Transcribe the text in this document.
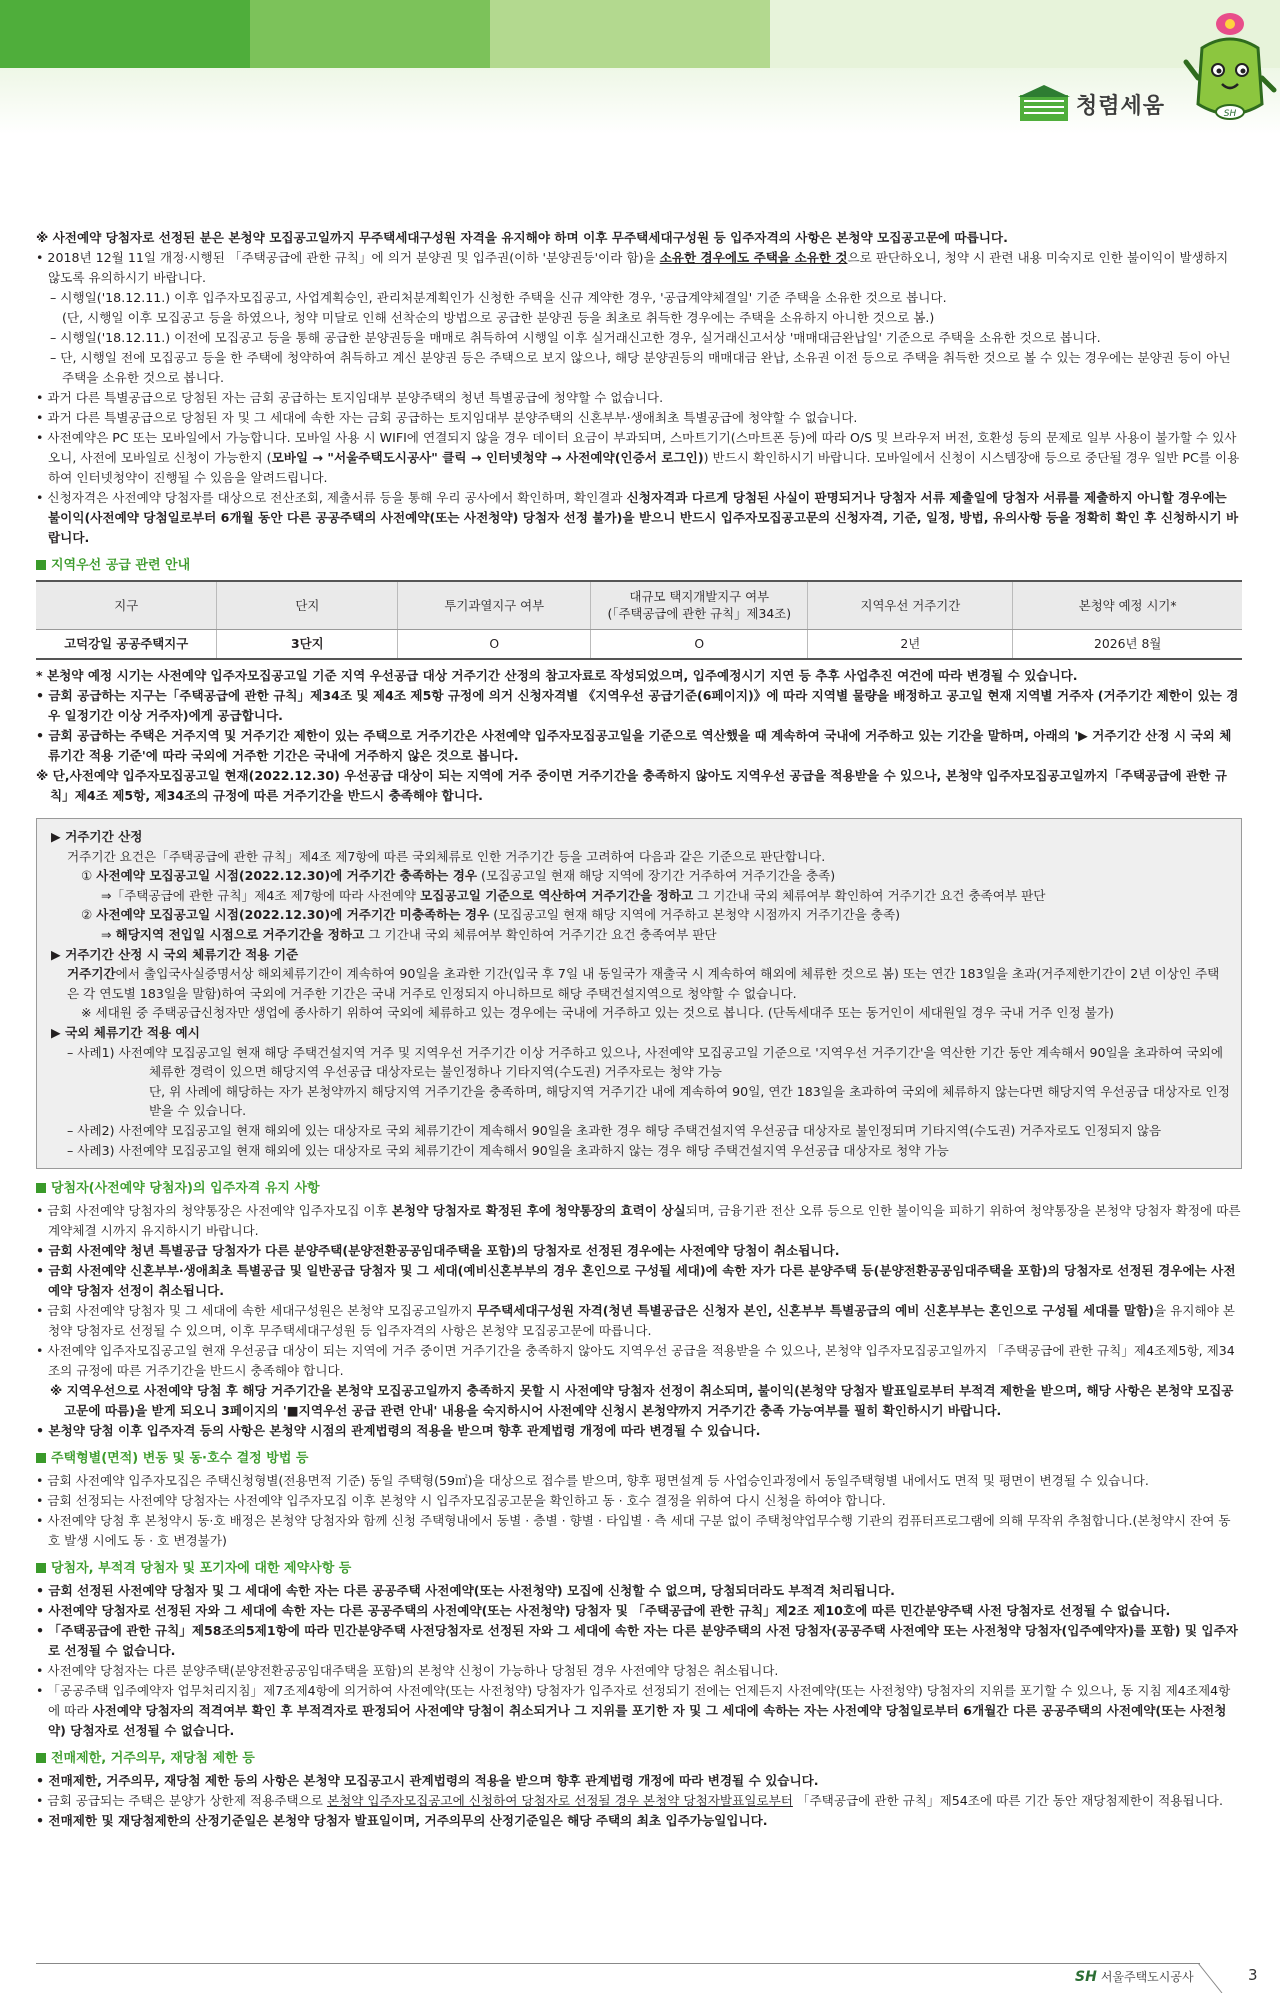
청렴세움	SH

※ 사전예약 당첨자로 선정된 분은 본청약 모집공고일까지 무주택세대구성원 자격을 유지해야 하며 이후 무주택세대구성원 등 입주자격의 사항은 본청약 모집공고문에 따릅니다.

• 2018년 12월 11일 개정·시행된 「주택공급에 관한 규칙」에 의거 분양권 및 입주권(이하 '분양권등'이라 함)을 소유한 경우에도 주택을 소유한 것으로 판단하오니, 청약 시 관련 내용 미숙지로 인한 불이익이 발생하지 않도록 유의하시기 바랍니다.

– 시행일('18.12.11.) 이후 입주자모집공고, 사업계획승인, 관리처분계획인가 신청한 주택을 신규 계약한 경우, '공급계약체결일' 기준 주택을 소유한 것으로 봅니다.

(단, 시행일 이후 모집공고 등을 하였으나, 청약 미달로 인해 선착순의 방법으로 공급한 분양권 등을 최초로 취득한 경우에는 주택을 소유하지 아니한 것으로 봄.)

– 시행일('18.12.11.) 이전에 모집공고 등을 통해 공급한 분양권등을 매매로 취득하여 시행일 이후 실거래신고한 경우, 실거래신고서상 '매매대금완납일' 기준으로 주택을 소유한 것으로 봅니다.

– 단, 시행일 전에 모집공고 등을 한 주택에 청약하여 취득하고 계신 분양권 등은 주택으로 보지 않으나, 해당 분양권등의 매매대금 완납, 소유권 이전 등으로 주택을 취득한 것으로 볼 수 있는 경우에는 분양권 등이 아닌 주택을 소유한 것으로 봅니다.

• 과거 다른 특별공급으로 당첨된 자는 금회 공급하는 토지임대부 분양주택의 청년 특별공급에 청약할 수 없습니다.

• 과거 다른 특별공급으로 당첨된 자 및 그 세대에 속한 자는 금회 공급하는 토지임대부 분양주택의 신혼부부·생애최초 특별공급에 청약할 수 없습니다.

• 사전예약은 PC 또는 모바일에서 가능합니다. 모바일 사용 시 WIFI에 연결되지 않을 경우 데이터 요금이 부과되며, 스마트기기(스마트폰 등)에 따라 O/S 및 브라우저 버전, 호환성 등의 문제로 일부 사용이 불가할 수 있사오니, 사전에 모바일로 신청이 가능한지 (모바일 → "서울주택도시공사" 클릭 → 인터넷청약 → 사전예약(인증서 로그인)) 반드시 확인하시기 바랍니다. 모바일에서 신청이 시스템장애 등으로 중단될 경우 일반 PC를 이용하여 인터넷청약이 진행될 수 있음을 알려드립니다.

• 신청자격은 사전예약 당첨자를 대상으로 전산조회, 제출서류 등을 통해 우리 공사에서 확인하며, 확인결과 신청자격과 다르게 당첨된 사실이 판명되거나 당첨자 서류 제출일에 당첨자 서류를 제출하지 아니할 경우에는 불이익(사전예약 당첨일로부터 6개월 동안 다른 공공주택의 사전예약(또는 사전청약) 당첨자 선정 불가)을 받으니 반드시 입주자모집공고문의 신청자격, 기준, 일정, 방법, 유의사항 등을 정확히 확인 후 신청하시기 바랍니다.

지역우선 공급 관련 안내
지구	단지	투기과열지구 여부	대규모 택지개발지구 여부
(「주택공급에 관한 규칙」제34조)	지역우선 거주기간	본청약 예정 시기*
고덕강일 공공주택지구	3단지	O	O	2년	2026년 8월

* 본청약 예정 시기는 사전예약 입주자모집공고일 기준 지역 우선공급 대상 거주기간 산정의 참고자료로 작성되었으며, 입주예정시기 지연 등 추후 사업추진 여건에 따라 변경될 수 있습니다.

• 금회 공급하는 지구는「주택공급에 관한 규칙」제34조 및 제4조 제5항 규정에 의거 신청자격별 《지역우선 공급기준(6페이지)》에 따라 지역별 물량을 배정하고 공고일 현재 지역별 거주자 (거주기간 제한이 있는 경우 일정기간 이상 거주자)에게 공급합니다.

• 금회 공급하는 주택은 거주지역 및 거주기간 제한이 있는 주택으로 거주기간은 사전예약 입주자모집공고일을 기준으로 역산했을 때 계속하여 국내에 거주하고 있는 기간을 말하며, 아래의 '▶ 거주기간 산정 시 국외 체류기간 적용 기준'에 따라 국외에 거주한 기간은 국내에 거주하지 않은 것으로 봅니다.

※ 단,사전예약 입주자모집공고일 현재(2022.12.30) 우선공급 대상이 되는 지역에 거주 중이면 거주기간을 충족하지 않아도 지역우선 공급을 적용받을 수 있으나, 본청약 입주자모집공고일까지「주택공급에 관한 규칙」제4조 제5항, 제34조의 규정에 따른 거주기간을 반드시 충족해야 합니다.

▶ 거주기간 산정

거주기간 요건은「주택공급에 관한 규칙」제4조 제7항에 따른 국외체류로 인한 거주기간 등을 고려하여 다음과 같은 기준으로 판단합니다.

① 사전예약 모집공고일 시점(2022.12.30)에 거주기간 충족하는 경우 (모집공고일 현재 해당 지역에 장기간 거주하여 거주기간을 충족)

⇒「주택공급에 관한 규칙」제4조 제7항에 따라 사전예약 모집공고일 기준으로 역산하여 거주기간을 정하고 그 기간내 국외 체류여부 확인하여 거주기간 요건 충족여부 판단

② 사전예약 모집공고일 시점(2022.12.30)에 거주기간 미충족하는 경우 (모집공고일 현재 해당 지역에 거주하고 본청약 시점까지 거주기간을 충족)

⇒ 해당지역 전입일 시점으로 거주기간을 정하고 그 기간내 국외 체류여부 확인하여 거주기간 요건 충족여부 판단

▶ 거주기간 산정 시 국외 체류기간 적용 기준

거주기간에서 출입국사실증명서상 해외체류기간이 계속하여 90일을 초과한 기간(입국 후 7일 내 동일국가 재출국 시 계속하여 해외에 체류한 것으로 봄) 또는 연간 183일을 초과(거주제한기간이 2년 이상인 주택은 각 연도별 183일을 말함)하여 국외에 거주한 기간은 국내 거주로 인정되지 아니하므로 해당 주택건설지역으로 청약할 수 없습니다.

※ 세대원 중 주택공급신청자만 생업에 종사하기 위하여 국외에 체류하고 있는 경우에는 국내에 거주하고 있는 것으로 봅니다. (단독세대주 또는 동거인이 세대원일 경우 국내 거주 인정 불가)

▶ 국외 체류기간 적용 예시

– 사례1) 사전예약 모집공고일 현재 해당 주택건설지역 거주 및 지역우선 거주기간 이상 거주하고 있으나, 사전예약 모집공고일 기준으로 '지역우선 거주기간'을 역산한 기간 동안 계속해서 90일을 초과하여 국외에 체류한 경력이 있으면 해당지역 우선공급 대상자로는 불인정하나 기타지역(수도권) 거주자로는 청약 가능

단, 위 사례에 해당하는 자가 본청약까지 해당지역 거주기간을 충족하며, 해당지역 거주기간 내에 계속하여 90일, 연간 183일을 초과하여 국외에 체류하지 않는다면 해당지역 우선공급 대상자로 인정받을 수 있습니다.

– 사례2) 사전예약 모집공고일 현재 해외에 있는 대상자로 국외 체류기간이 계속해서 90일을 초과한 경우 해당 주택건설지역 우선공급 대상자로 불인정되며 기타지역(수도권) 거주자로도 인정되지 않음

– 사례3) 사전예약 모집공고일 현재 해외에 있는 대상자로 국외 체류기간이 계속해서 90일을 초과하지 않는 경우 해당 주택건설지역 우선공급 대상자로 청약 가능

당첨자(사전예약 당첨자)의 입주자격 유지 사항

• 금회 사전예약 당첨자의 청약통장은 사전예약 입주자모집 이후 본청약 당첨자로 확정된 후에 청약통장의 효력이 상실되며, 금융기관 전산 오류 등으로 인한 불이익을 피하기 위하여 청약통장을 본청약 당첨자 확정에 따른 계약체결 시까지 유지하시기 바랍니다.

• 금회 사전예약 청년 특별공급 당첨자가 다른 분양주택(분양전환공공임대주택을 포함)의 당첨자로 선정된 경우에는 사전예약 당첨이 취소됩니다.

• 금회 사전예약 신혼부부·생애최초 특별공급 및 일반공급 당첨자 및 그 세대(예비신혼부부의 경우 혼인으로 구성될 세대)에 속한 자가 다른 분양주택 등(분양전환공공임대주택을 포함)의 당첨자로 선정된 경우에는 사전예약 당첨자 선정이 취소됩니다.

• 금회 사전예약 당첨자 및 그 세대에 속한 세대구성원은 본청약 모집공고일까지 무주택세대구성원 자격(청년 특별공급은 신청자 본인, 신혼부부 특별공급의 예비 신혼부부는 혼인으로 구성될 세대를 말함)을 유지해야 본청약 당첨자로 선정될 수 있으며, 이후 무주택세대구성원 등 입주자격의 사항은 본청약 모집공고문에 따릅니다.

• 사전예약 입주자모집공고일 현재 우선공급 대상이 되는 지역에 거주 중이면 거주기간을 충족하지 않아도 지역우선 공급을 적용받을 수 있으나, 본청약 입주자모집공고일까지 「주택공급에 관한 규칙」제4조제5항, 제34조의 규정에 따른 거주기간을 반드시 충족해야 합니다.

※ 지역우선으로 사전예약 당첨 후 해당 거주기간을 본청약 모집공고일까지 충족하지 못할 시 사전예약 당첨자 선정이 취소되며, 불이익(본청약 당첨자 발표일로부터 부적격 제한을 받으며, 해당 사항은 본청약 모집공고문에 따름)을 받게 되오니 3페이지의 '■지역우선 공급 관련 안내' 내용을 숙지하시어 사전예약 신청시 본청약까지 거주기간 충족 가능여부를 필히 확인하시기 바랍니다.

• 본청약 당첨 이후 입주자격 등의 사항은 본청약 시점의 관계법령의 적용을 받으며 향후 관계법령 개정에 따라 변경될 수 있습니다.

주택형별(면적) 변동 및 동·호수 결정 방법 등

• 금회 사전예약 입주자모집은 주택신청형별(전용면적 기준) 동일 주택형(59㎡)을 대상으로 접수를 받으며, 향후 평면설계 등 사업승인과정에서 동일주택형별 내에서도 면적 및 평면이 변경될 수 있습니다.

• 금회 선정되는 사전예약 당첨자는 사전예약 입주자모집 이후 본청약 시 입주자모집공고문을 확인하고 동 · 호수 결정을 위하여 다시 신청을 하여야 합니다.

• 사전예약 당첨 후 본청약시 동·호 배정은 본청약 당첨자와 함께 신청 주택형내에서 동별 · 층별 · 향별 · 타입별 · 측 세대 구분 없이 주택청약업무수행 기관의 컴퓨터프로그램에 의해 무작위 추첨합니다.(본청약시 잔여 동호 발생 시에도 동 · 호 변경불가)

당첨자, 부적격 당첨자 및 포기자에 대한 제약사항 등

• 금회 선정된 사전예약 당첨자 및 그 세대에 속한 자는 다른 공공주택 사전예약(또는 사전청약) 모집에 신청할 수 없으며, 당첨되더라도 부적격 처리됩니다.

• 사전예약 당첨자로 선정된 자와 그 세대에 속한 자는 다른 공공주택의 사전예약(또는 사전청약) 당첨자 및 「주택공급에 관한 규칙」제2조 제10호에 따른 민간분양주택 사전 당첨자로 선정될 수 없습니다.

• 「주택공급에 관한 규칙」제58조의5제1항에 따라 민간분양주택 사전당첨자로 선정된 자와 그 세대에 속한 자는 다른 분양주택의 사전 당첨자(공공주택 사전예약 또는 사전청약 당첨자(입주예약자)를 포함) 및 입주자로 선정될 수 없습니다.

• 사전예약 당첨자는 다른 분양주택(분양전환공공임대주택을 포함)의 본청약 신청이 가능하나 당첨된 경우 사전예약 당첨은 취소됩니다.

• 「공공주택 입주예약자 업무처리지침」제7조제4항에 의거하여 사전예약(또는 사전청약) 당첨자가 입주자로 선정되기 전에는 언제든지 사전예약(또는 사전청약) 당첨자의 지위를 포기할 수 있으나, 동 지침 제4조제4항에 따라 사전예약 당첨자의 적격여부 확인 후 부적격자로 판정되어 사전예약 당첨이 취소되거나 그 지위를 포기한 자 및 그 세대에 속하는 자는 사전예약 당첨일로부터 6개월간 다른 공공주택의 사전예약(또는 사전청약) 당첨자로 선정될 수 없습니다.

전매제한, 거주의무, 재당첨 제한 등

• 전매제한, 거주의무, 재당첨 제한 등의 사항은 본청약 모집공고시 관계법령의 적용을 받으며 향후 관계법령 개정에 따라 변경될 수 있습니다.

• 금회 공급되는 주택은 분양가 상한제 적용주택으로 본청약 입주자모집공고에 신청하여 당첨자로 선정될 경우 본청약 당첨자발표일로부터 「주택공급에 관한 규칙」제54조에 따른 기간 동안 재당첨제한이 적용됩니다.

• 전매제한 및 재당첨제한의 산정기준일은 본청약 당첨자 발표일이며, 거주의무의 산정기준일은 해당 주택의 최초 입주가능일입니다.

SH 서울주택도시공사	3
